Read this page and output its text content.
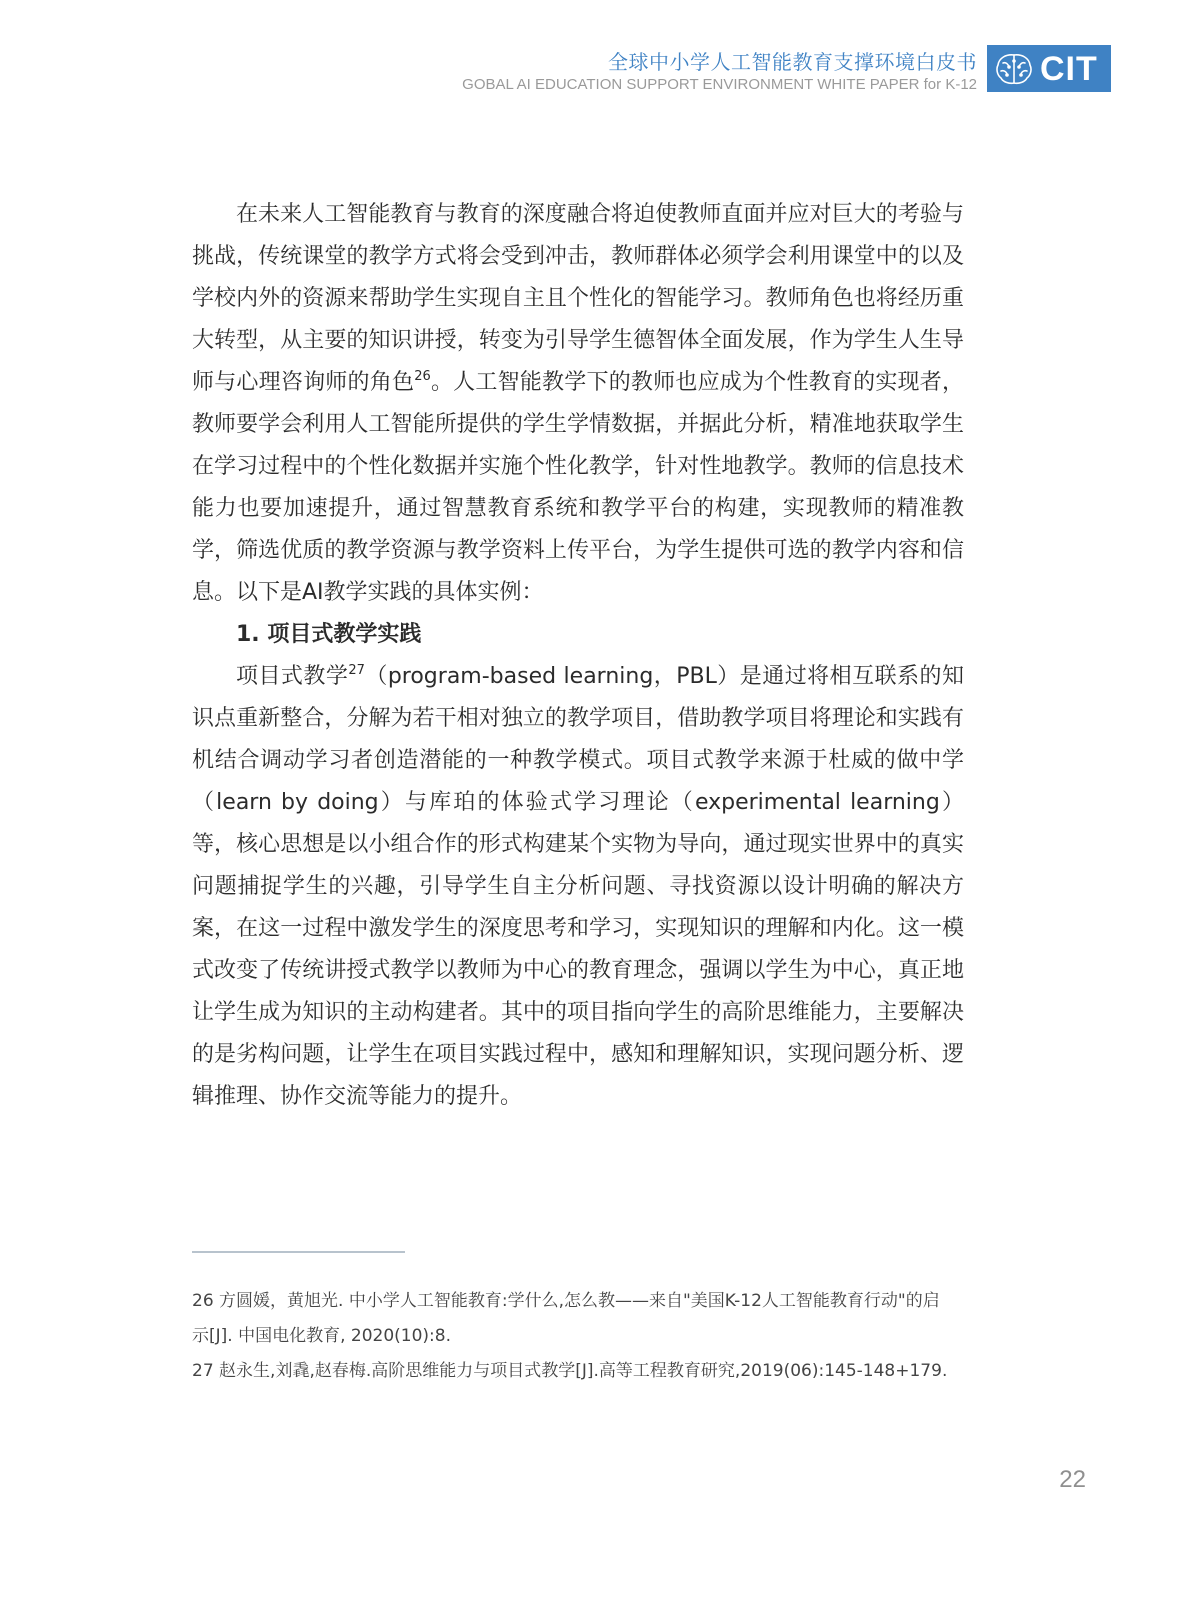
全球中小学人工智能教育支撑环境白皮书
GOBAL AI EDUCATION SUPPORT ENVIRONMENT WHITE PAPER for K-12 CIT

在未来人工智能教育与教育的深度融合将迫使教师直面并应对巨大的考验与挑战，传统课堂的教学方式将会受到冲击，教师群体必须学会利用课堂中的以及学校内外的资源来帮助学生实现自主且个性化的智能学习。教师角色也将经历重大转型，从主要的知识讲授，转变为引导学生德智体全面发展，作为学生人生导师与心理咨询师的角色$^{26}$。人工智能教学下的教师也应成为个性教育的实现者，教师要学会利用人工智能所提供的学生学情数据，并据此分析，精准地获取学生在学习过程中的个性化数据并实施个性化教学，针对性地教学。教师的信息技术能力也要加速提升，通过智慧教育系统和教学平台的构建，实现教师的精准教学，筛选优质的教学资源与教学资料上传平台，为学生提供可选的教学内容和信息。以下是AI教学实践的具体实例：

1. 项目式教学实践

项目式教学$^{27}$（program-based learning，PBL）是通过将相互联系的知识点重新整合，分解为若干相对独立的教学项目，借助教学项目将理论和实践有机结合调动学习者创造潜能的一种教学模式。项目式教学来源于杜威的做中学（learn by doing）与库珀的体验式学习理论（experimental learning）等，核心思想是以小组合作的形式构建某个实物为导向，通过现实世界中的真实问题捕捉学生的兴趣，引导学生自主分析问题、寻找资源以设计明确的解决方案，在这一过程中激发学生的深度思考和学习，实现知识的理解和内化。这一模式改变了传统讲授式教学以教师为中心的教育理念，强调以学生为中心，真正地让学生成为知识的主动构建者。其中的项目指向学生的高阶思维能力，主要解决的是劣构问题，让学生在项目实践过程中，感知和理解知识，实现问题分析、逻辑推理、协作交流等能力的提升。

26 方圆媛，黄旭光. 中小学人工智能教育:学什么,怎么教——来自"美国K-12人工智能教育行动"的启示[J]. 中国电化教育, 2020(10):8.

27 赵永生,刘毳,赵春梅.高阶思维能力与项目式教学[J].高等工程教育研究,2019(06):145-148+179.

22
